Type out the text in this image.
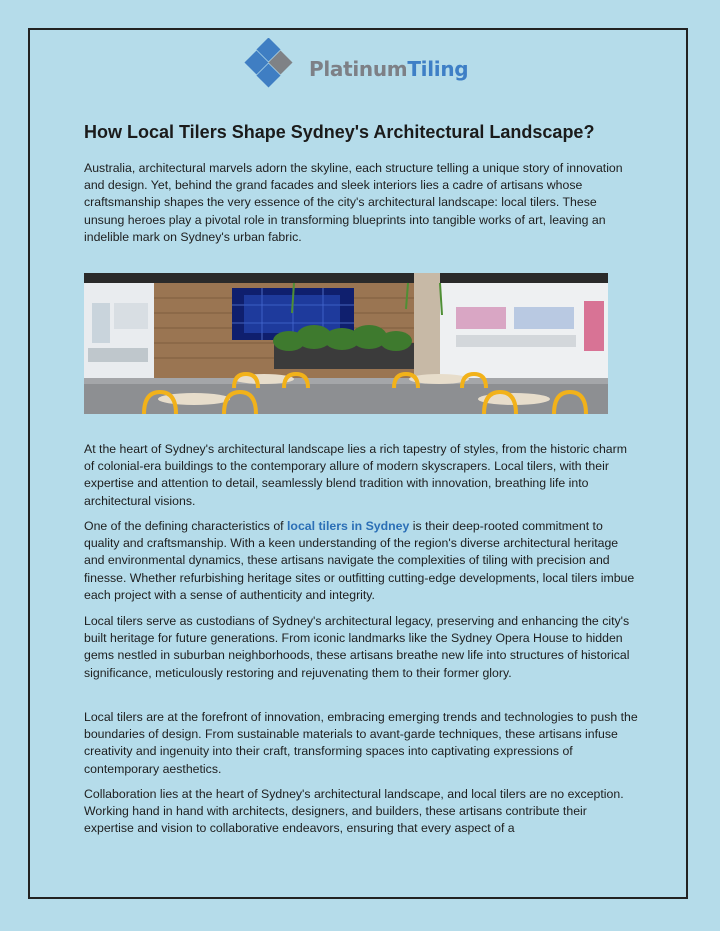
PlatinumTiling
How Local Tilers Shape Sydney's Architectural Landscape?

Australia, architectural marvels adorn the skyline, each structure telling a unique story of innovation and design. Yet, behind the grand facades and sleek interiors lies a cadre of artisans whose craftsmanship shapes the very essence of the city's architectural landscape: local tilers. These unsung heroes play a pivotal role in transforming blueprints into tangible works of art, leaving an indelible mark on Sydney's urban fabric.

At the heart of Sydney's architectural landscape lies a rich tapestry of styles, from the historic charm of colonial-era buildings to the contemporary allure of modern skyscrapers. Local tilers, with their expertise and attention to detail, seamlessly blend tradition with innovation, breathing life into architectural visions.

One of the defining characteristics of local tilers in Sydney is their deep-rooted commitment to quality and craftsmanship. With a keen understanding of the region's diverse architectural heritage and environmental dynamics, these artisans navigate the complexities of tiling with precision and finesse. Whether refurbishing heritage sites or outfitting cutting-edge developments, local tilers imbue each project with a sense of authenticity and integrity.

Local tilers serve as custodians of Sydney's architectural legacy, preserving and enhancing the city's built heritage for future generations. From iconic landmarks like the Sydney Opera House to hidden gems nestled in suburban neighborhoods, these artisans breathe new life into structures of historical significance, meticulously restoring and rejuvenating them to their former glory.

Local tilers are at the forefront of innovation, embracing emerging trends and technologies to push the boundaries of design. From sustainable materials to avant-garde techniques, these artisans infuse creativity and ingenuity into their craft, transforming spaces into captivating expressions of contemporary aesthetics.

Collaboration lies at the heart of Sydney's architectural landscape, and local tilers are no exception. Working hand in hand with architects, designers, and builders, these artisans contribute their expertise and vision to collaborative endeavors, ensuring that every aspect of a
